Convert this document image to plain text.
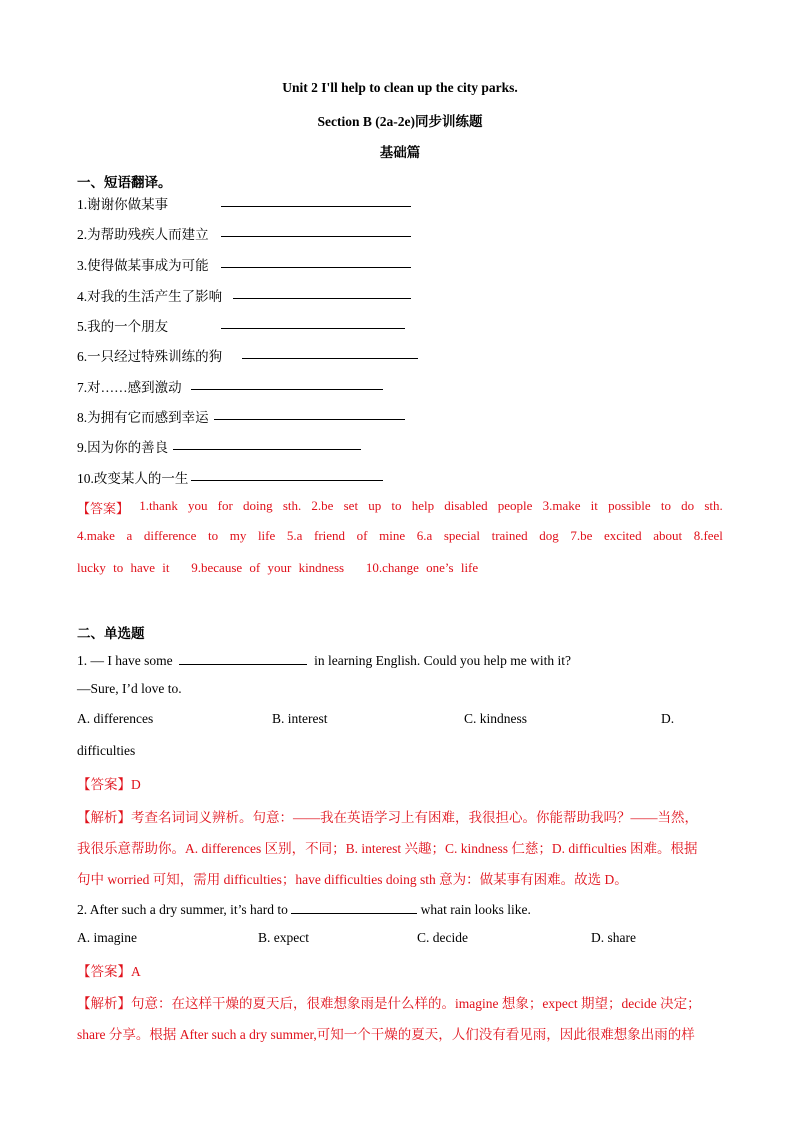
Unit 2 I'll help to clean up the city parks.
Section B (2a-2e)同步训练题
基础篇
一、短语翻译。
1.谢谢你做某事
2.为帮助残疾人而建立
3.使得做某事成为可能
4.对我的生活产生了影响
5.我的一个朋友
6.一只经过特殊训练的狗
7.对……感到激动
8.为拥有它而感到幸运
9.因为你的善良
10.改变某人的一生
【答案】 1.thank you for doing sth. 2.be set up to help disabled people 3.make it possible to do sth.
4.make a difference to my life 5.a friend of mine 6.a special trained dog 7.be excited about 8.feel
lucky to have it 9.because of your kindness 10.change one’s life
二、单选题
1. — I have some	in learning English. Could you help me with it?
—Sure, I’d love to.
A. differences	B. interest	C. kindness	D.
difficulties
【答案】D
【解析】考查名词词义辨析。句意：——我在英语学习上有困难，我很担心。你能帮助我吗？——当然，
我很乐意帮助你。A. differences 区别，不同；B. interest 兴趣；C. kindness 仁慈；D. difficulties 困难。根据
句中 worried 可知，需用 difficulties；have difficulties doing sth 意为：做某事有困难。故选 D。
2. After such a dry summer, it’s hard to	what rain looks like.
A. imagine	B. expect	C. decide	D. share
【答案】A
【解析】句意：在这样干燥的夏天后，很难想象雨是什么样的。imagine 想象；expect 期望；decide 决定；
share 分享。根据 After such a dry summer,可知一个干燥的夏天，人们没有看见雨，因此很难想象出雨的样
